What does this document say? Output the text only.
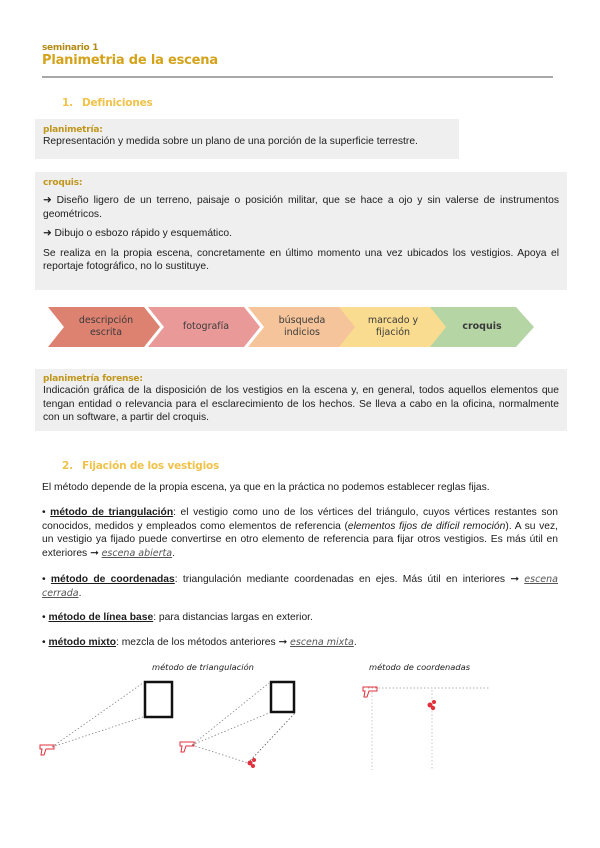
seminario 1
Planimetria de la escena
1. Definiciones
planimetría:
Representación y medida sobre un plano de una porción de la superficie terrestre.
croquis:

➜ Diseño ligero de un terreno, paisaje o posición militar, que se hace a ojo y sin valerse de instrumentos geométricos.

➜ Dibujo o esbozo rápido y esquemático.

Se realiza en la propia escena, concretamente en último momento una vez ubicados los vestigios. Apoya el reportaje fotográfico, no lo sustituye.

descripción
escrita
fotografía
búsqueda
indicios
marcado y
fijación
croquis
planimetría forense:

Indicación gráfica de la disposición de los vestigios en la escena y, en general, todos aquellos elementos que tengan entidad o relevancia para el esclarecimiento de los hechos. Se lleva a cabo en la oficina, normalmente con un software, a partir del croquis.

2. Fijación de los vestigios

El método depende de la propia escena, ya que en la práctica no podemos establecer reglas fijas.

• método de triangulación: el vestigio como uno de los vértices del triángulo, cuyos vértices restantes son conocidos, medidos y empleados como elementos de referencia (elementos fijos de difícil remoción). A su vez, un vestigio ya fijado puede convertirse en otro elemento de referencia para fijar otros vestigios. Es más útil en exteriores ➞ escena abierta.

• método de coordenadas: triangulación mediante coordenadas en ejes. Más útil en interiores ➞ escena cerrada.

• método de línea base: para distancias largas en exterior.

• método mixto: mezcla de los métodos anteriores ➞ escena mixta.

método de triangulación	método de coordenadas
